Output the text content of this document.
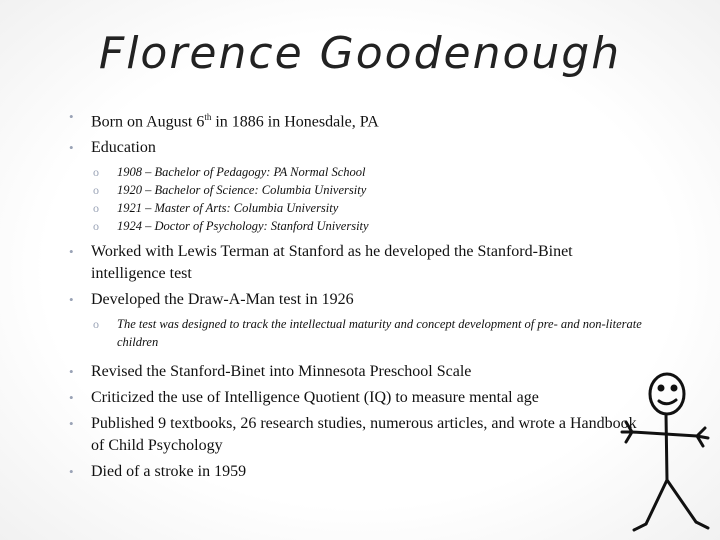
Florence Goodenough
• Born on August 6th in 1886 in Honesdale, PA
• Education
o 1908 – Bachelor of Pedagogy: PA Normal School
o 1920 – Bachelor of Science: Columbia University
o 1921 – Master of Arts: Columbia University
o 1924 – Doctor of Psychology: Stanford University
• Worked with Lewis Terman at Stanford as he developed the Stanford-Binet intelligence test
• Developed the Draw-A-Man test in 1926
o The test was designed to track the intellectual maturity and concept development of pre- and non-literate children
• Revised the Stanford-Binet into Minnesota Preschool Scale
• Criticized the use of Intelligence Quotient (IQ) to measure mental age
• Published 9 textbooks, 26 research studies, numerous articles, and wrote a Handbook of Child Psychology
• Died of a stroke in 1959
